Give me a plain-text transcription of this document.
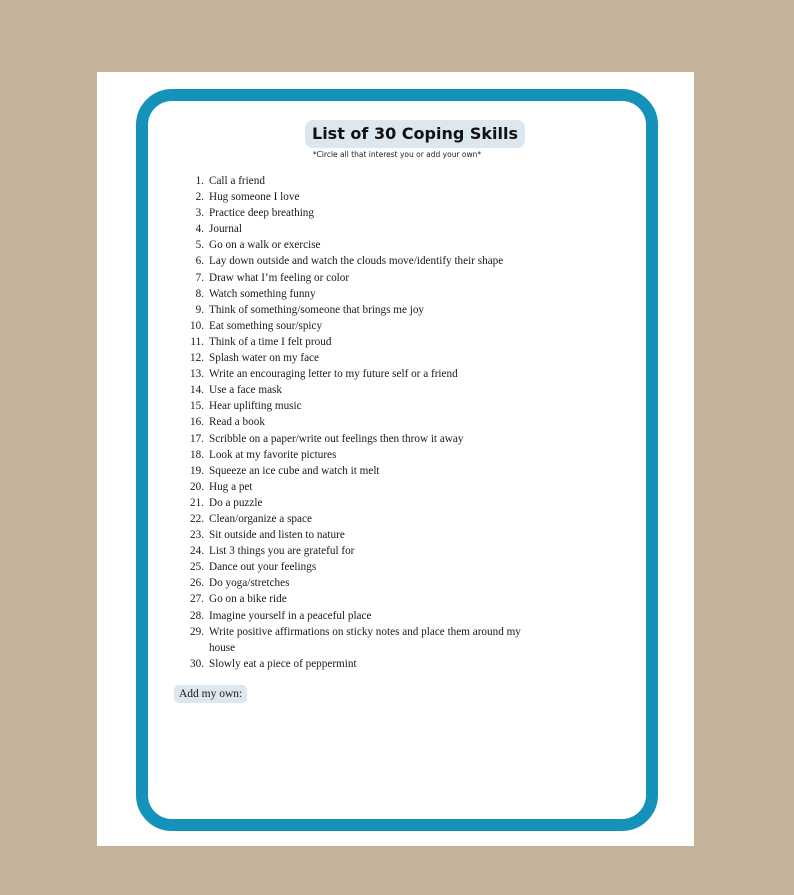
List of 30 Coping Skills
*Circle all that interest you or add your own*
1. Call a friend
2. Hug someone I love
3. Practice deep breathing
4. Journal
5. Go on a walk or exercise
6. Lay down outside and watch the clouds move/identify their shape
7. Draw what I’m feeling or color
8. Watch something funny
9. Think of something/someone that brings me joy
10. Eat something sour/spicy
11. Think of a time I felt proud
12. Splash water on my face
13. Write an encouraging letter to my future self or a friend
14. Use a face mask
15. Hear uplifting music
16. Read a book
17. Scribble on a paper/write out feelings then throw it away
18. Look at my favorite pictures
19. Squeeze an ice cube and watch it melt
20. Hug a pet
21. Do a puzzle
22. Clean/organize a space
23. Sit outside and listen to nature
24. List 3 things you are grateful for
25. Dance out your feelings
26. Do yoga/stretches
27. Go on a bike ride
28. Imagine yourself in a peaceful place
29. Write positive affirmations on sticky notes and place them around my house
30. Slowly eat a piece of peppermint
Add my own:
